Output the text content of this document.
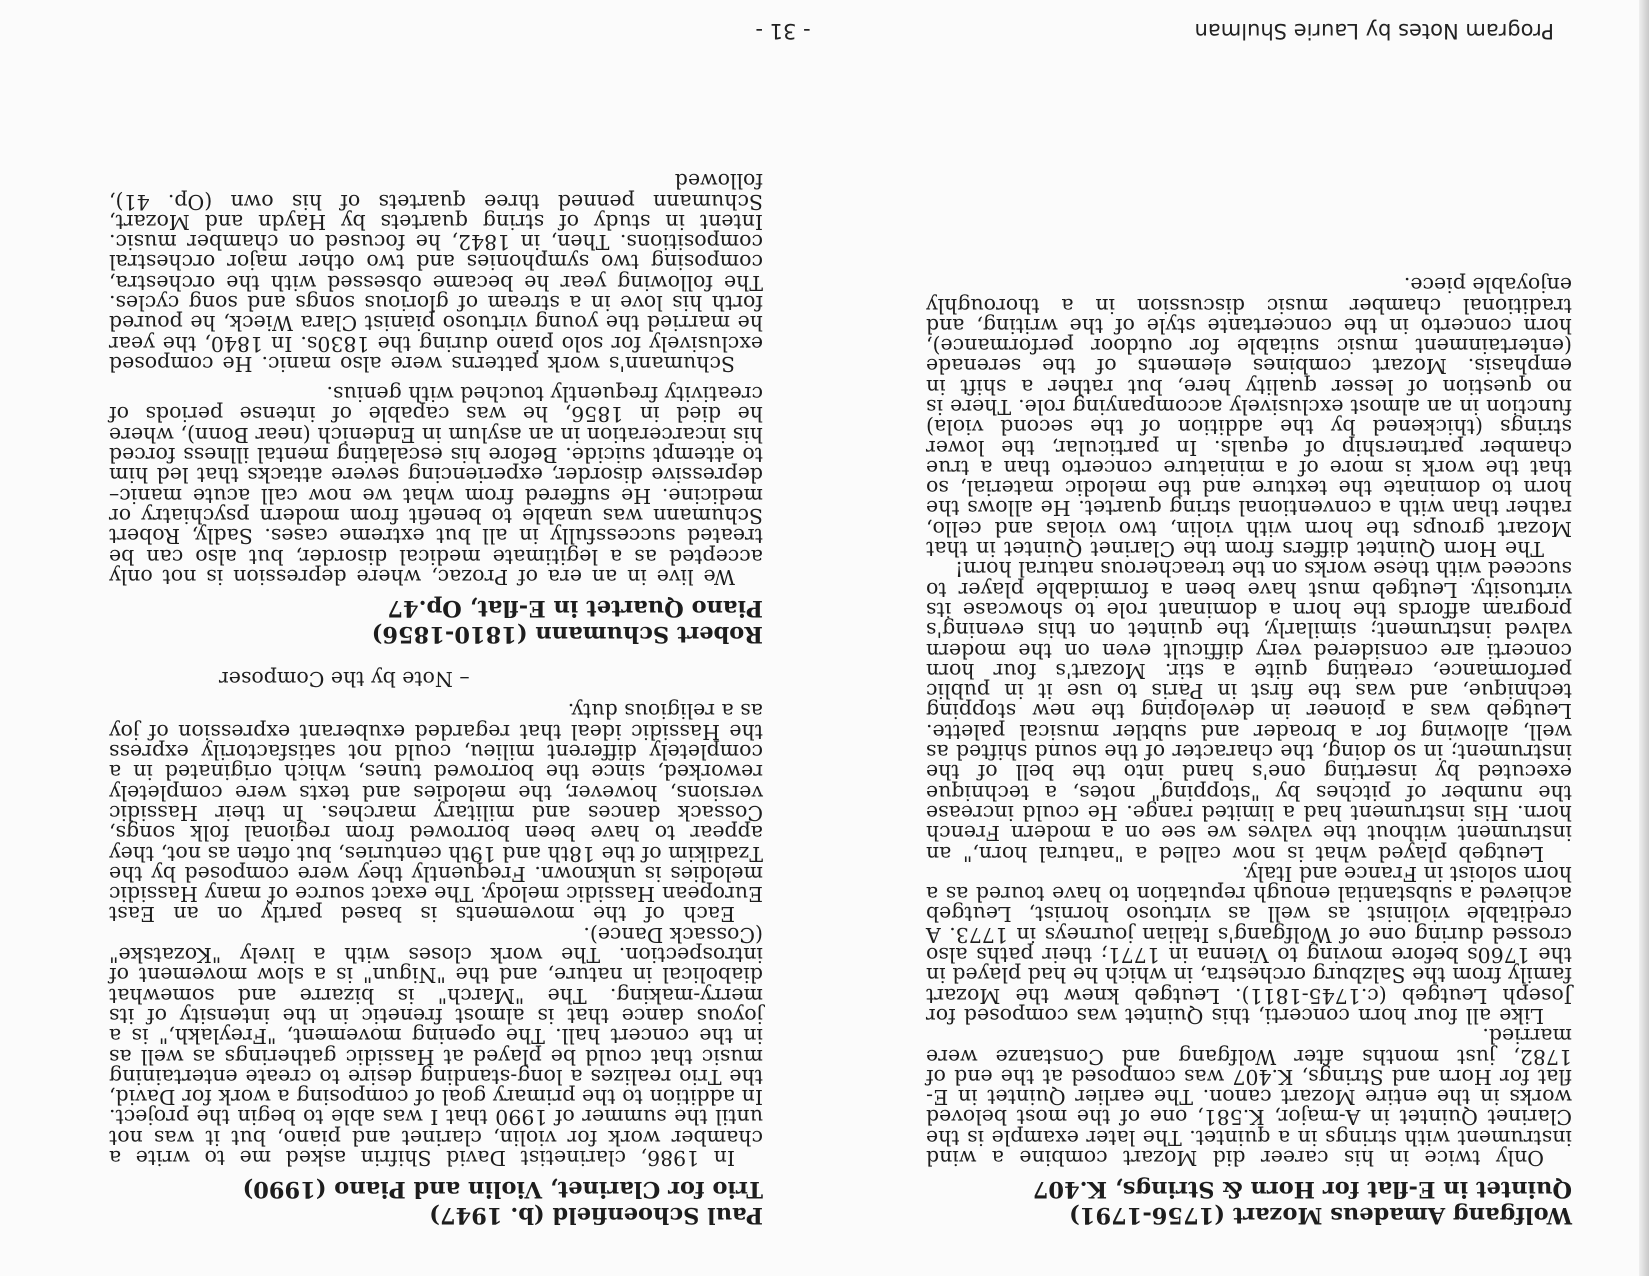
Program Notes by Laurie Shulman
- 31 -
Wolfgang Amadeus Mozart (1756-1791)
Quintet in E-flat for Horn & Strings, K.407

Only twice in his career did Mozart combine a wind instrument with strings in a quintet. The later example is the Clarinet Quintet in A-major, K.581, one of the most beloved works in the entire Mozart canon. The earlier Quintet in E-flat for Horn and Strings, K.407 was composed at the end of 1782, just months after Wolfgang and Constanze were married.

Like all four horn concerti, this Quintet was composed for Joseph Leutgeb (c.1745-1811). Leutgeb knew the Mozart family from the Salzburg orchestra, in which he had played in the 1760s before moving to Vienna in 1771; their paths also crossed during one of Wolfgang's Italian journeys in 1773. A creditable violinist as well as virtuoso hornist, Leutgeb achieved a substantial enough reputation to have toured as a horn soloist in France and Italy.

Leutgeb played what is now called a "natural horn," an instrument without the valves we see on a modern French horn. His instrument had a limited range. He could increase the number of pitches by "stopping" notes, a technique executed by inserting one's hand into the bell of the instrument; in so doing, the character of the sound shifted as well, allowing for a broader and subtler musical palette. Leutgeb was a pioneer in developing the new stopping technique, and was the first in Paris to use it in public performance, creating quite a stir. Mozart's four horn concerti are considered very difficult even on the modern valved instrument; similarly, the quintet on this evening's program affords the horn a dominant role to showcase its virtuosity. Leutgeb must have been a formidable player to succeed with these works on the treacherous natural horn!

The Horn Quintet differs from the Clarinet Quintet in that Mozart groups the horn with violin, two violas and cello, rather than with a conventional string quartet. He allows the horn to dominate the texture and the melodic material, so that the work is more of a miniature concerto than a true chamber partnership of equals. In particular, the lower strings (thickened by the addition of the second viola) function in an almost exclusively accompanying role. There is no question of lesser quality here, but rather a shift in emphasis. Mozart combines elements of the serenade (entertainment music suitable for outdoor performance), horn concerto in the concertante style of the writing, and traditional chamber music discussion in a thoroughly enjoyable piece.

Paul Schoenfield (b. 1947)
Trio for Clarinet, Violin and Piano (1990)

In 1986, clarinetist David Shifrin asked me to write a chamber work for violin, clarinet and piano, but it was not until the summer of 1990 that I was able to begin the project. In addition to the primary goal of composing a work for David, the Trio realizes a long-standing desire to create entertaining music that could be played at Hassidic gatherings as well as in the concert hall. The opening movement, "Freylakh," is a joyous dance that is almost frenetic in the intensity of its merry-making. The "March" is bizarre and somewhat diabolical in nature, and the "Nigun" is a slow movement of introspection. The work closes with a lively "Kozatske" (Cossack Dance).

Each of the movements is based partly on an East European Hassidic melody. The exact source of many Hassidic melodies is unknown. Frequently they were composed by the Tzadikim of the 18th and 19th centuries, but often as not, they appear to have been borrowed from regional folk songs, Cossack dances and military marches. In their Hassidic versions, however, the melodies and texts were completely reworked, since the borrowed tunes, which originated in a completely different milieu, could not satisfactorily express the Hassidic ideal that regarded exuberant expression of joy as a religious duty.

– Note by the Composer
Robert Schumann (1810-1856)
Piano Quartet in E-flat, Op.47

We live in an era of Prozac, where depression is not only accepted as a legitimate medical disorder, but also can be treated successfully in all but extreme cases. Sadly, Robert Schumann was unable to benefit from modern psychiatry or medicine. He suffered from what we now call acute manic–depressive disorder, experiencing severe attacks that led him to attempt suicide. Before his escalating mental illness forced his incarceration in an asylum in Endenich (near Bonn), where he died in 1856, he was capable of intense periods of creativity frequently touched with genius.

Schumann's work patterns were also manic. He composed exclusively for solo piano during the 1830s. In 1840, the year he married the young virtuoso pianist Clara Wieck, he poured forth his love in a stream of glorious songs and song cycles. The following year he became obsessed with the orchestra, composing two symphonies and two other major orchestral compositions. Then, in 1842, he focused on chamber music. Intent in study of string quartets by Haydn and Mozart, Schumann penned three quartets of his own (Op. 41), followed
